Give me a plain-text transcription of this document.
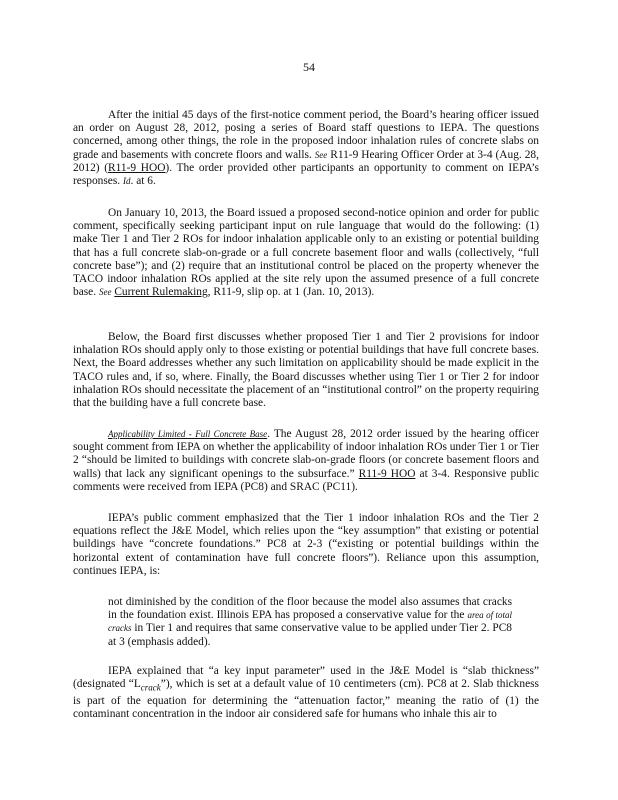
54

After the initial 45 days of the first-notice comment period, the Board’s hearing officer issued an order on August 28, 2012, posing a series of Board staff questions to IEPA. The questions concerned, among other things, the role in the proposed indoor inhalation rules of concrete slabs on grade and basements with concrete floors and walls. See R11-9 Hearing Officer Order at 3-4 (Aug. 28, 2012) (R11-9 HOO). The order provided other participants an opportunity to comment on IEPA’s responses. Id. at 6.

On January 10, 2013, the Board issued a proposed second-notice opinion and order for public comment, specifically seeking participant input on rule language that would do the following: (1) make Tier 1 and Tier 2 ROs for indoor inhalation applicable only to an existing or potential building that has a full concrete slab-on-grade or a full concrete basement floor and walls (collectively, “full concrete base”); and (2) require that an institutional control be placed on the property whenever the TACO indoor inhalation ROs applied at the site rely upon the assumed presence of a full concrete base. See Current Rulemaking, R11-9, slip op. at 1 (Jan. 10, 2013).

Below, the Board first discusses whether proposed Tier 1 and Tier 2 provisions for indoor inhalation ROs should apply only to those existing or potential buildings that have full concrete bases. Next, the Board addresses whether any such limitation on applicability should be made explicit in the TACO rules and, if so, where. Finally, the Board discusses whether using Tier 1 or Tier 2 for indoor inhalation ROs should necessitate the placement of an “institutional control” on the property requiring that the building have a full concrete base.

Applicability Limited - Full Concrete Base. The August 28, 2012 order issued by the hearing officer sought comment from IEPA on whether the applicability of indoor inhalation ROs under Tier 1 or Tier 2 “should be limited to buildings with concrete slab-on-grade floors (or concrete basement floors and walls) that lack any significant openings to the subsurface.” R11-9 HOO at 3-4. Responsive public comments were received from IEPA (PC8) and SRAC (PC11).

IEPA’s public comment emphasized that the Tier 1 indoor inhalation ROs and the Tier 2 equations reflect the J&E Model, which relies upon the “key assumption” that existing or potential buildings have “concrete foundations.” PC8 at 2-3 (“existing or potential buildings within the horizontal extent of contamination have full concrete floors”). Reliance upon this assumption, continues IEPA, is:

not diminished by the condition of the floor because the model also assumes that cracks in the foundation exist. Illinois EPA has proposed a conservative value for the area of total cracks in Tier 1 and requires that same conservative value to be applied under Tier 2. PC8 at 3 (emphasis added).

IEPA explained that “a key input parameter” used in the J&E Model is “slab thickness” (designated “$L_{crack}$”), which is set at a default value of 10 centimeters (cm). PC8 at 2. Slab thickness is part of the equation for determining the “attenuation factor,” meaning the ratio of (1) the contaminant concentration in the indoor air considered safe for humans who inhale this air to
